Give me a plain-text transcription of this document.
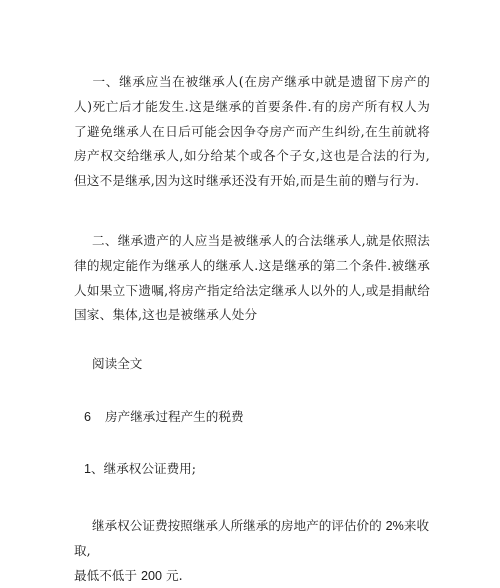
一、继承应当在被继承人(在房产继承中就是遗留下房产的人)死亡后才能发生.这是继承的首要条件.有的房产所有权人为了避免继承人在日后可能会因争夺房产而产生纠纷,在生前就将房产权交给继承人,如分给某个或各个子女,这也是合法的行为,但这不是继承,因为这时继承还没有开始,而是生前的赠与行为.

二、继承遗产的人应当是被继承人的合法继承人,就是依照法律的规定能作为继承人的继承人.这是继承的第二个条件.被继承人如果立下遗嘱,将房产指定给法定继承人以外的人,或是捐献给国家、集体,这也是被继承人处分

阅读全文

6 房产继承过程产生的税费

1、继承权公证费用;

继承权公证费按照继承人所继承的房地产的评估价的 2%来收取,
最低不低于 200 元.
